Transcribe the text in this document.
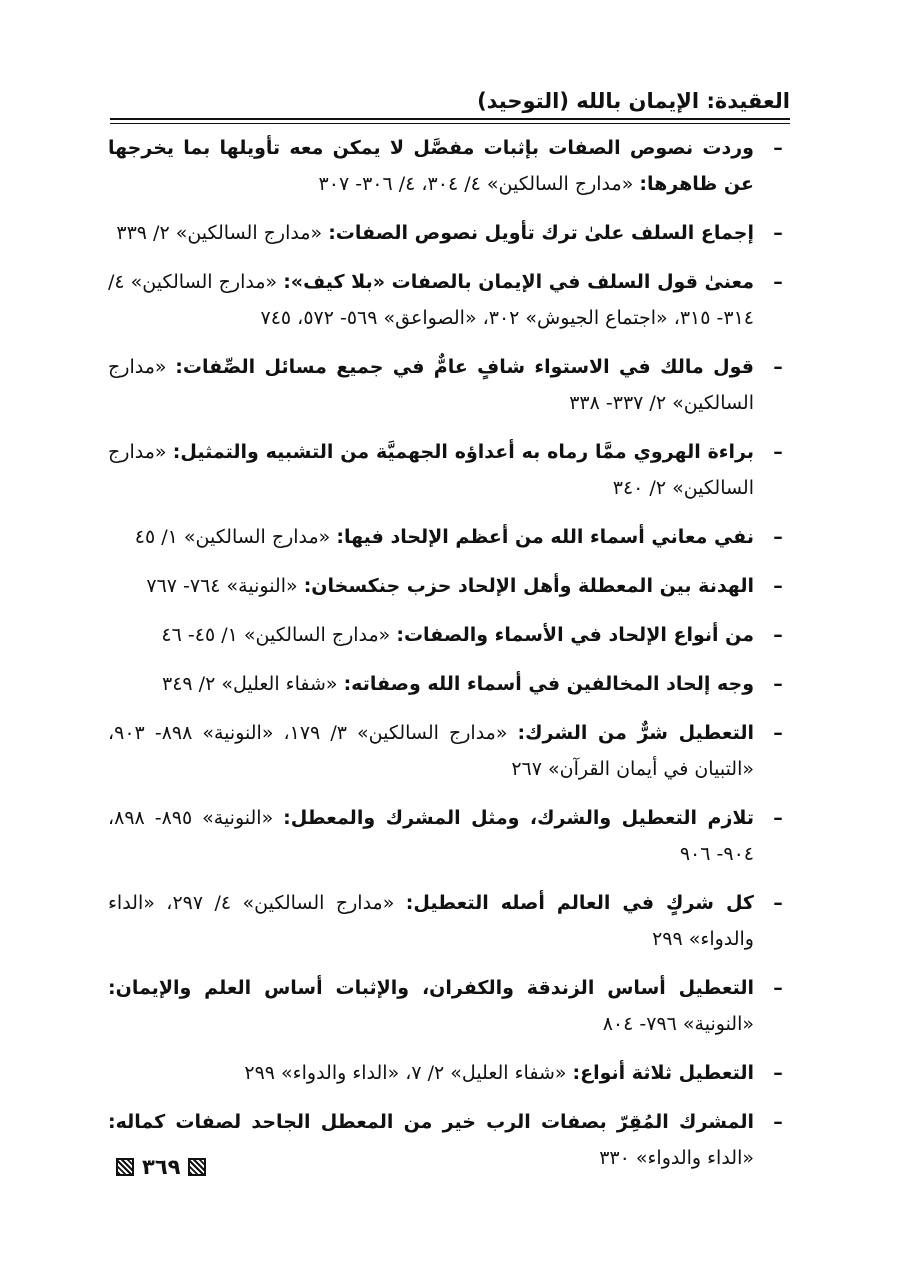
العقيدة: الإيمان بالله (التوحيد)
–
وردت نصوص الصفات بإثبات مفصَّل لا يمكن معه تأويلها بما يخرجها عن ظاهرها: «مدارج السالكين» ٤/ ٣٠٤، ٤/ ٣٠٦- ٣٠٧
–
إجماع السلف علىٰ ترك تأويل نصوص الصفات: «مدارج السالكين» ٢/ ٣٣٩
–
معنىٰ قول السلف في الإيمان بالصفات «بلا كيف»: «مدارج السالكين» ٤/ ٣١٤- ٣١٥، «اجتماع الجيوش» ٣٠٢، «الصواعق» ٥٦٩- ٥٧٢، ٧٤٥
–
قول مالك في الاستواء شافٍ عامٌّ في جميع مسائل الصِّفات: «مدارج السالكين» ٢/ ٣٣٧- ٣٣٨
–
براءة الهروي ممَّا رماه به أعداؤه الجهميَّة من التشبيه والتمثيل: «مدارج السالكين» ٢/ ٣٤٠
–
نفي معاني أسماء الله من أعظم الإلحاد فيها: «مدارج السالكين» ١/ ٤٥
–
الهدنة بين المعطلة وأهل الإلحاد حزب جنكسخان: «النونية» ٧٦٤- ٧٦٧
–
من أنواع الإلحاد في الأسماء والصفات: «مدارج السالكين» ١/ ٤٥- ٤٦
–
وجه إلحاد المخالفين في أسماء الله وصفاته: «شفاء العليل» ٢/ ٣٤٩
–
التعطيل شرٌّ من الشرك: «مدارج السالكين» ٣/ ١٧٩، «النونية» ٨٩٨- ٩٠٣، «التبيان في أيمان القرآن» ٢٦٧
–
تلازم التعطيل والشرك، ومثل المشرك والمعطل: «النونية» ٨٩٥- ٨٩٨، ٩٠٤- ٩٠٦
–
كل شركٍ في العالم أصله التعطيل: «مدارج السالكين» ٤/ ٢٩٧، «الداء والدواء» ٢٩٩
–
التعطيل أساس الزندقة والكفران، والإثبات أساس العلم والإيمان: «النونية» ٧٩٦- ٨٠٤
–
التعطيل ثلاثة أنواع: «شفاء العليل» ٢/ ٧، «الداء والدواء» ٢٩٩
–
المشرك المُقِرّ بصفات الرب خير من المعطل الجاحد لصفات كماله: «الداء والدواء» ٣٣٠
٣٦٩
